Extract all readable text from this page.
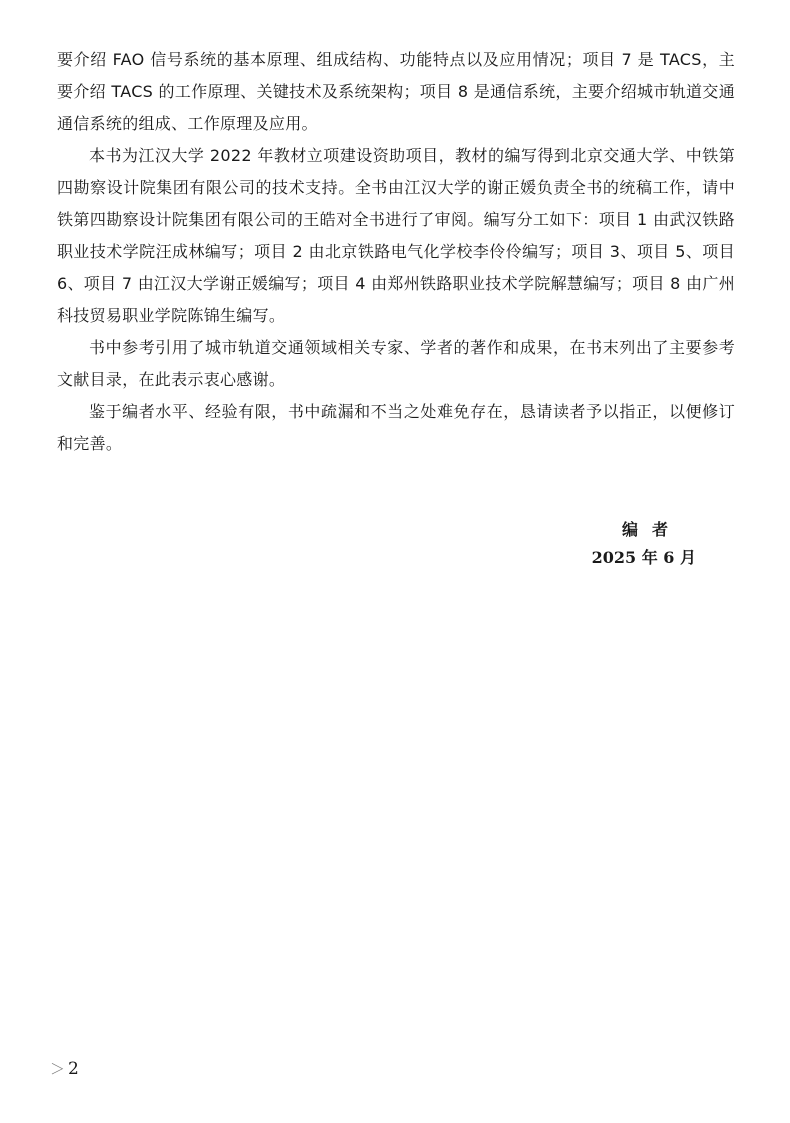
要介绍 FAO 信号系统的基本原理、组成结构、功能特点以及应用情况；项目 7 是 TACS，主要介绍 TACS 的工作原理、关键技术及系统架构；项目 8 是通信系统，主要介绍城市轨道交通通信系统的组成、工作原理及应用。

本书为江汉大学 2022 年教材立项建设资助项目，教材的编写得到北京交通大学、中铁第四勘察设计院集团有限公司的技术支持。全书由江汉大学的谢正媛负责全书的统稿工作，请中铁第四勘察设计院集团有限公司的王皓对全书进行了审阅。编写分工如下：项目 1 由武汉铁路职业技术学院汪成林编写；项目 2 由北京铁路电气化学校李伶伶编写；项目 3、项目 5、项目 6、项目 7 由江汉大学谢正媛编写；项目 4 由郑州铁路职业技术学院解慧编写；项目 8 由广州科技贸易职业学院陈锦生编写。

书中参考引用了城市轨道交通领域相关专家、学者的著作和成果，在书末列出了主要参考文献目录，在此表示衷心感谢。

鉴于编者水平、经验有限，书中疏漏和不当之处难免存在，恳请读者予以指正，以便修订和完善。

编者
2025 年 6 月
＞ 2
